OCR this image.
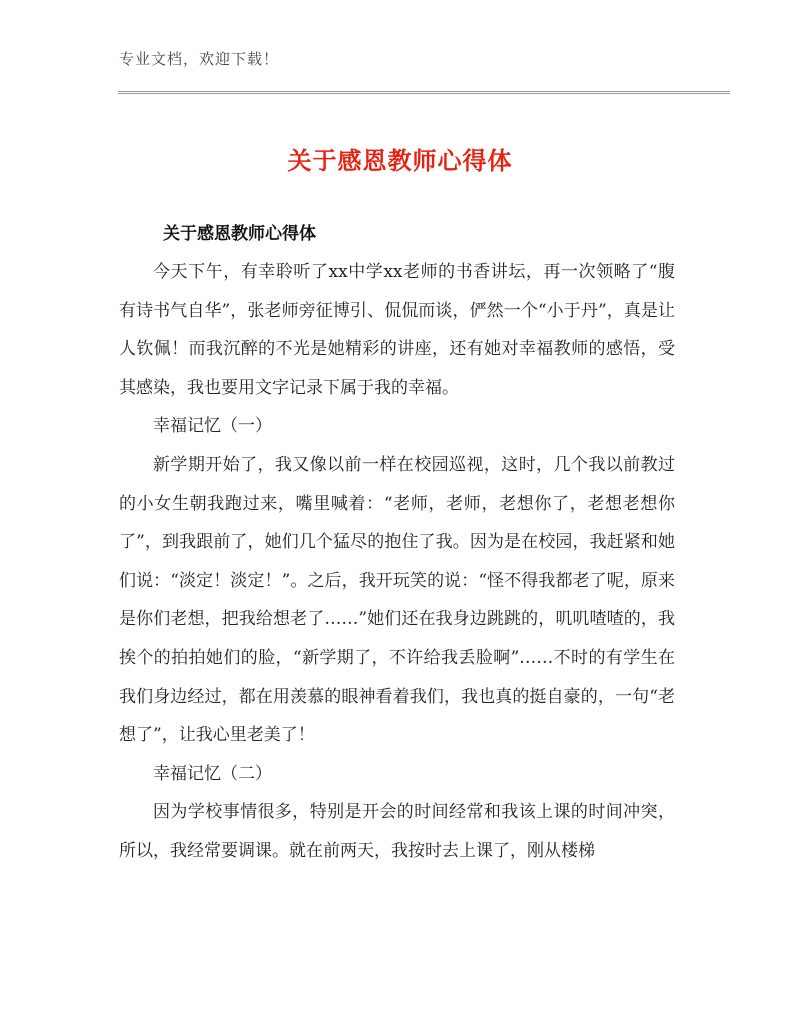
专业文档，欢迎下载！
关于感恩教师心得体
关于感恩教师心得体

今天下午，有幸聆听了xx中学xx老师的书香讲坛，再一次领略了“腹有诗书气自华”，张老师旁征博引、侃侃而谈，俨然一个“小于丹”，真是让人钦佩！而我沉醉的不光是她精彩的讲座，还有她对幸福教师的感悟，受其感染，我也要用文字记录下属于我的幸福。

幸福记忆（一）

新学期开始了，我又像以前一样在校园巡视，这时，几个我以前教过的小女生朝我跑过来，嘴里喊着：“老师，老师，老想你了，老想老想你了”，到我跟前了，她们几个猛尽的抱住了我。因为是在校园，我赶紧和她们说：“淡定！淡定！”。之后，我开玩笑的说：“怪不得我都老了呢，原来是你们老想，把我给想老了……”她们还在我身边跳跳的，叽叽喳喳的，我挨个的拍拍她们的脸，“新学期了，不许给我丢脸啊”……不时的有学生在我们身边经过，都在用羡慕的眼神看着我们，我也真的挺自豪的，一句“老想了”，让我心里老美了！

幸福记忆（二）

因为学校事情很多，特别是开会的时间经常和我该上课的时间冲突，所以，我经常要调课。就在前两天，我按时去上课了，刚从楼梯
